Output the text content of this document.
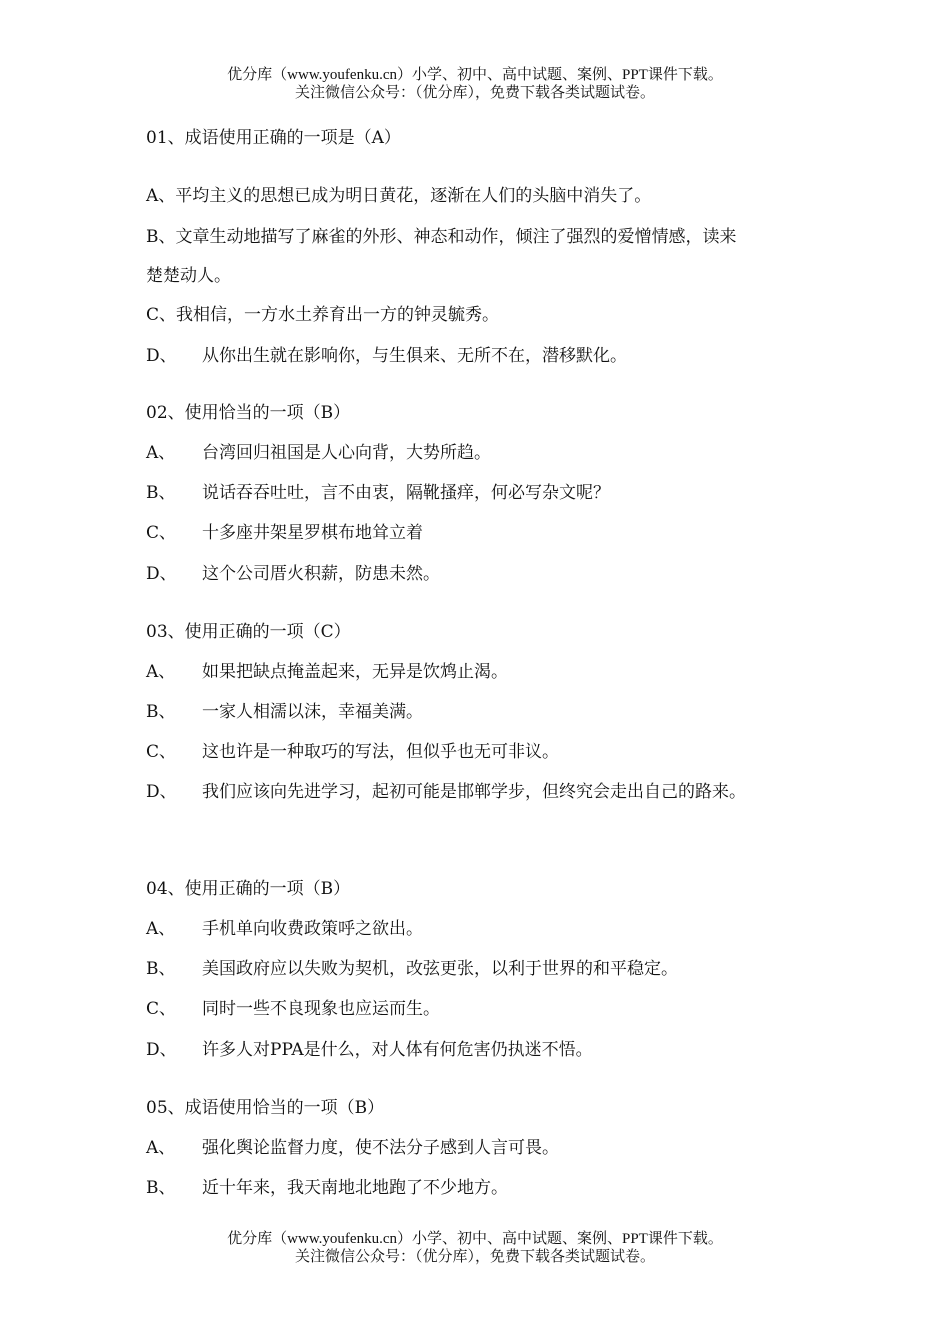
优分库（www.youfenku.cn）小学、初中、高中试题、案例、PPT课件下载。
关注微信公众号：（优分库），免费下载各类试题试卷。
01、成语使用正确的一项是（A）
A、平均主义的思想已成为明日黄花，逐渐在人们的头脑中消失了。
B、文章生动地描写了麻雀的外形、神态和动作，倾注了强烈的爱憎情感，读来
楚楚动人。
C、我相信，一方水土养育出一方的钟灵毓秀。
D、 从你出生就在影响你，与生俱来、无所不在，潜移默化。
02、使用恰当的一项（B）
A、 台湾回归祖国是人心向背，大势所趋。
B、 说话吞吞吐吐，言不由衷，隔靴搔痒，何必写杂文呢？
C、 十多座井架星罗棋布地耸立着
D、 这个公司厝火积薪，防患未然。
03、使用正确的一项（C）
A、 如果把缺点掩盖起来，无异是饮鸩止渴。
B、 一家人相濡以沫，幸福美满。
C、 这也许是一种取巧的写法，但似乎也无可非议。
D、 我们应该向先进学习，起初可能是邯郸学步，但终究会走出自己的路来。
04、使用正确的一项（B）
A、 手机单向收费政策呼之欲出。
B、 美国政府应以失败为契机，改弦更张，以利于世界的和平稳定。
C、 同时一些不良现象也应运而生。
D、 许多人对PPA是什么，对人体有何危害仍执迷不悟。
05、成语使用恰当的一项（B）
A、 强化舆论监督力度，使不法分子感到人言可畏。
B、 近十年来，我天南地北地跑了不少地方。
优分库（www.youfenku.cn）小学、初中、高中试题、案例、PPT课件下载。
关注微信公众号：（优分库），免费下载各类试题试卷。
